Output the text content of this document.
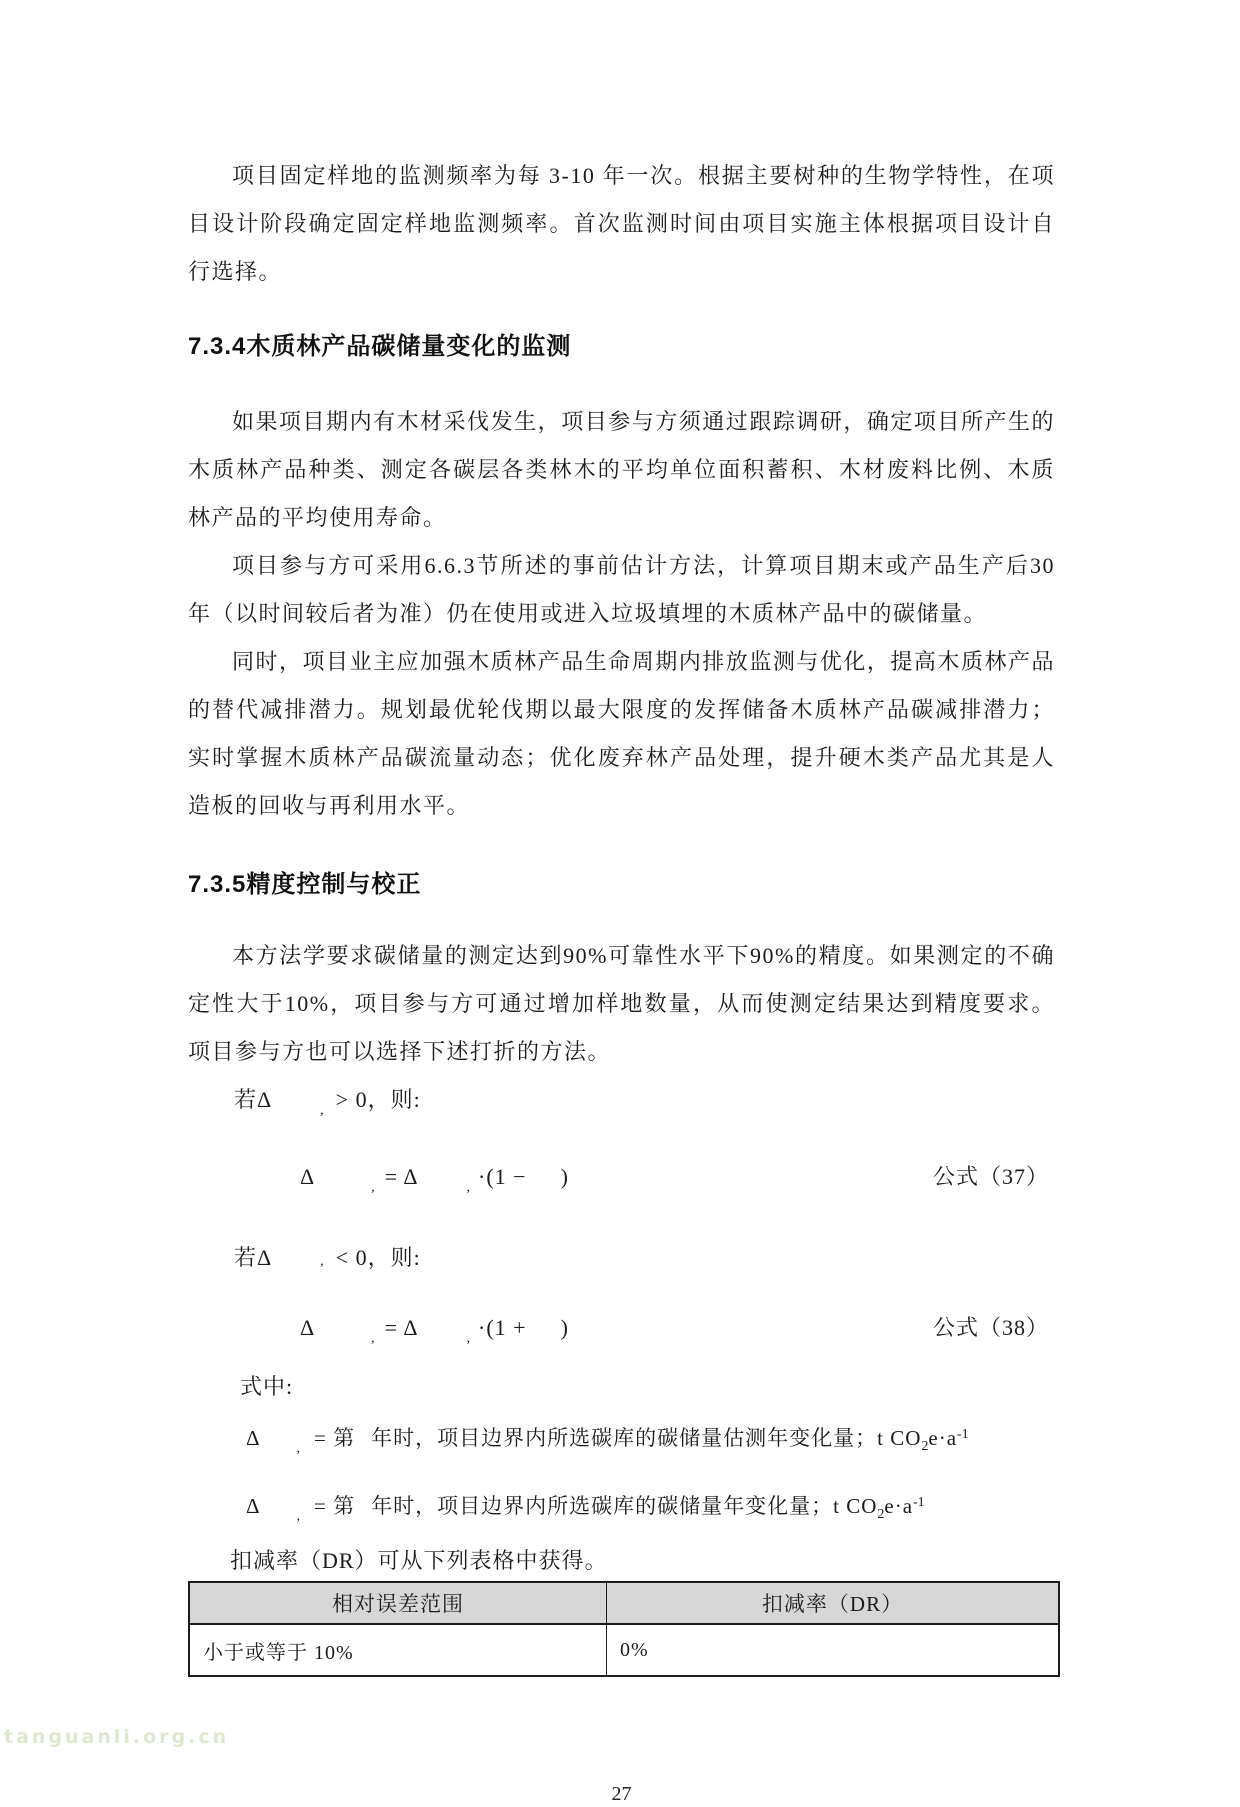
项目固定样地的监测频率为每 3-10 年一次。根据主要树种的生物学特性，在项目设计阶段确定固定样地监测频率。首次监测时间由项目实施主体根据项目设计自行选择。

7.3.4木质林产品碳储量变化的监测

如果项目期内有木材采伐发生，项目参与方须通过跟踪调研，确定项目所产生的木质林产品种类、测定各碳层各类林木的平均单位面积蓄积、木材废料比例、木质林产品的平均使用寿命。

项目参与方可采用6.6.3节所述的事前估计方法，计算项目期末或产品生产后30 年（以时间较后者为准）仍在使用或进入垃圾填埋的木质林产品中的碳储量。

同时，项目业主应加强木质林产品生命周期内排放监测与优化，提高木质林产品的替代减排潜力。规划最优轮伐期以最大限度的发挥储备木质林产品碳减排潜力；实时掌握木质林产品碳流量动态；优化废弃林产品处理，提升硬木类产品尤其是人造板的回收与再利用水平。

7.3.5精度控制与校正

本方法学要求碳储量的测定达到90%可靠性水平下90%的精度。如果测定的不确定性大于10%，项目参与方可通过增加样地数量，从而使测定结果达到精度要求。项目参与方也可以选择下述打折的方法。

若Δ	$_,$ > 0，则:

Δ	$_,$ = Δ	$_,$ ·(1 − )	公式（37）

若Δ	, < 0，则:

Δ	$_,$ = Δ	$_,$ ·(1 + )	公式（38）

式中:

Δ	$_,$ = 第 年时，项目边界内所选碳库的碳储量估测年变化量；t $CO_2e\cdot a^{-1}$

Δ	$_,$ = 第 年时，项目边界内所选碳库的碳储量年变化量；t $CO_2e\cdot a^{-1}$

扣减率（DR）可从下列表格中获得。

相对误差范围	扣减率（DR）
小于或等于 10%	0%
27
tanguanli.org.cn
